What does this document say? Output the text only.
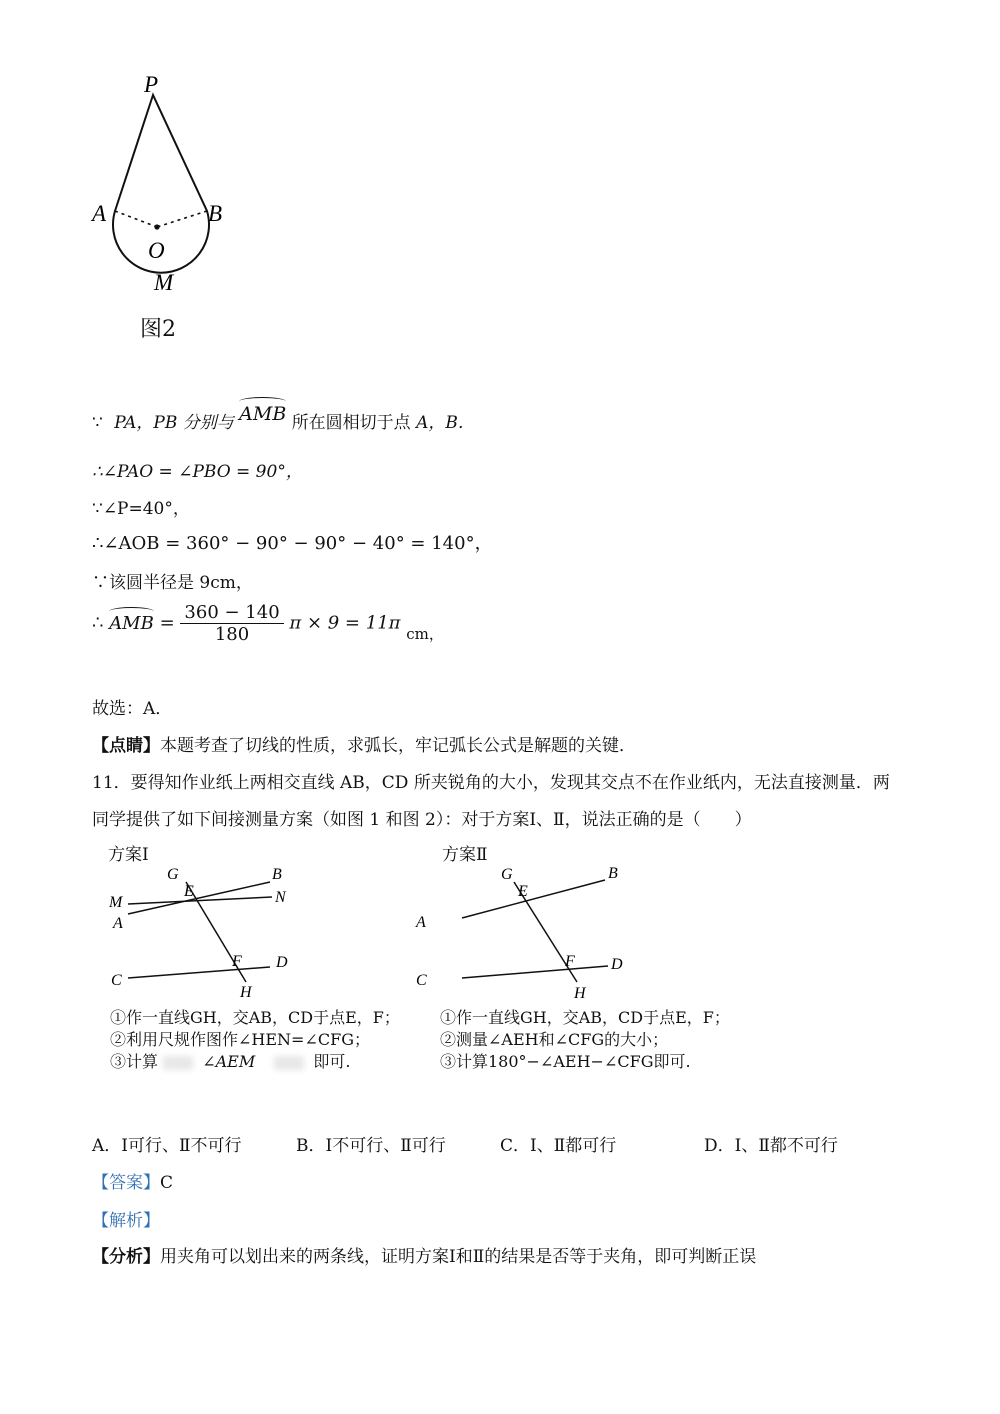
P
A	B
O
M
图2
∵ PA，PB 分别与 AMB 所在圆相切于点 A，B．
∴∠PAO = ∠PBO = 90°，
∵∠P=40°，
∴∠AOB = 360° − 90° − 90° − 40° = 140°，
∵该圆半径是 9cm，
∴ AMB = $\frac{360 - 140}{180}$ π × 9 = 11π $_{cm,}$
故选：A．
【点睛】本题考查了切线的性质，求弧长，牢记弧长公式是解题的关键．
11．要得知作业纸上两相交直线 AB，CD 所夹锐角的大小，发现其交点不在作业纸内，无法直接测量．两
同学提供了如下间接测量方案（如图 1 和图 2）：对于方案Ⅰ、Ⅱ，说法正确的是（　　）
方案Ⅰ
G
E
B
M	N
A
F D
C
H
①作一直线GH，交AB，CD于点E，F；
②利用尺规作图作∠HEN=∠CFG；
③计算	∠AEM	即可.
方案Ⅱ
G
E
B
A
F D
C
H
①作一直线GH，交AB，CD于点E，F；
②测量∠AEH和∠CFG的大小；
③计算180°−∠AEH−∠CFG即可.
A．Ⅰ可行、Ⅱ不可行	B．Ⅰ不可行、Ⅱ可行	C．Ⅰ、Ⅱ都可行	D．Ⅰ、Ⅱ都不可行
【答案】C
【解析】
【分析】用夹角可以划出来的两条线，证明方案Ⅰ和Ⅱ的结果是否等于夹角，即可判断正误
